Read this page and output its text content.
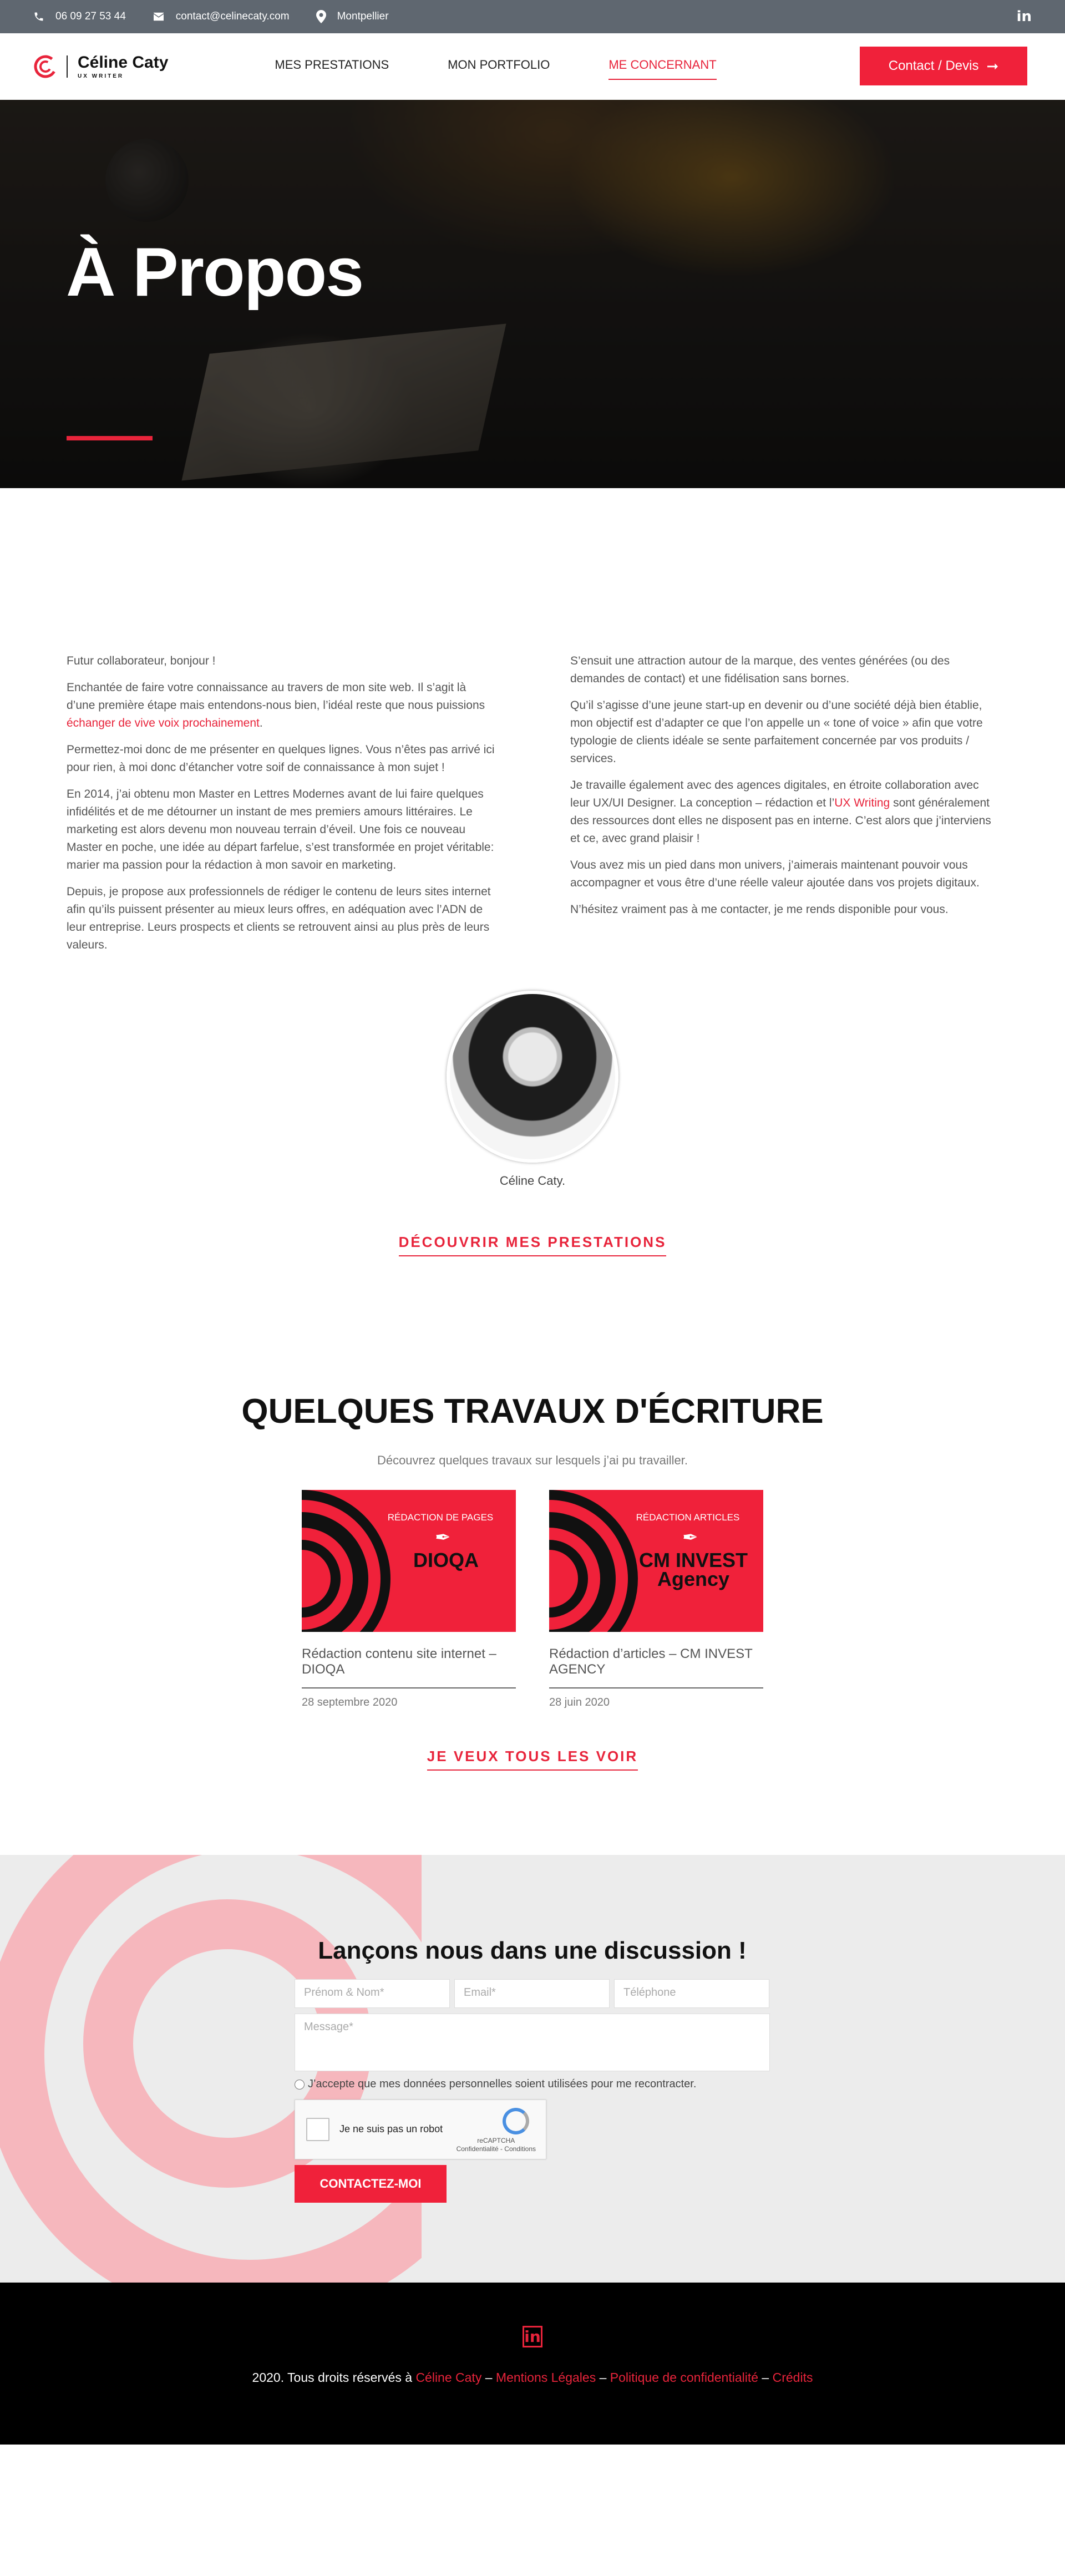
06 09 27 53 44	contact@celinecaty.com	Montpellier	in
Céline Caty
UX WRITER
MES PRESTATIONS	MON PORTFOLIO	ME CONCERNANT	Contact / Devis ➞
À Propos

Futur collaborateur, bonjour !

Enchantée de faire votre connaissance au travers de mon site web. Il s’agit là d’une première étape mais entendons-nous bien, l’idéal reste que nous puissions échanger de vive voix prochainement.

Permettez-moi donc de me présenter en quelques lignes. Vous n’êtes pas arrivé ici pour rien, à moi donc d’étancher votre soif de connaissance à mon sujet !

En 2014, j’ai obtenu mon Master en Lettres Modernes avant de lui faire quelques infidélités et de me détourner un instant de mes premiers amours littéraires. Le marketing est alors devenu mon nouveau terrain d’éveil. Une fois ce nouveau Master en poche, une idée au départ farfelue, s’est transformée en projet véritable: marier ma passion pour la rédaction à mon savoir en marketing.

Depuis, je propose aux professionnels de rédiger le contenu de leurs sites internet afin qu’ils puissent présenter au mieux leurs offres, en adéquation avec l’ADN de leur entreprise. Leurs prospects et clients se retrouvent ainsi au plus près de leurs valeurs.

S’ensuit une attraction autour de la marque, des ventes générées (ou des demandes de contact) et une fidélisation sans bornes.

Qu’il s’agisse d’une jeune start-up en devenir ou d’une société déjà bien établie, mon objectif est d’adapter ce que l’on appelle un « tone of voice » afin que votre typologie de clients idéale se sente parfaitement concernée par vos produits / services.

Je travaille également avec des agences digitales, en étroite collaboration avec leur UX/UI Designer. La conception – rédaction et l’UX Writing sont généralement des ressources dont elles ne disposent pas en interne. C’est alors que j’interviens et ce, avec grand plaisir !

Vous avez mis un pied dans mon univers, j’aimerais maintenant pouvoir vous accompagner et vous être d’une réelle valeur ajoutée dans vos projets digitaux.

N’hésitez vraiment pas à me contacter, je me rends disponible pour vous.

Céline Caty.
DÉCOUVRIR MES PRESTATIONS
QUELQUES TRAVAUX D'ÉCRITURE
Découvrez quelques travaux sur lesquels j’ai pu travailler.
RÉDACTION DE PAGES
✒
DIOQA
Rédaction contenu site internet – DIOQA
28 septembre 2020
RÉDACTION ARTICLES
✒
CM INVEST Agency
Rédaction d’articles – CM INVEST AGENCY
28 juin 2020
JE VEUX TOUS LES VOIR
Lançons nous dans une discussion !
Prénom & Nom*	Email*	Téléphone
Message*
J’accepte que mes données personnelles soient utilisées pour me recontracter.
Je ne suis pas un robot
reCAPTCHA
Confidentialité - Conditions
CONTACTEZ-MOI
in
2020. Tous droits réservés à Céline Caty – Mentions Légales – Politique de confidentialité – Crédits
